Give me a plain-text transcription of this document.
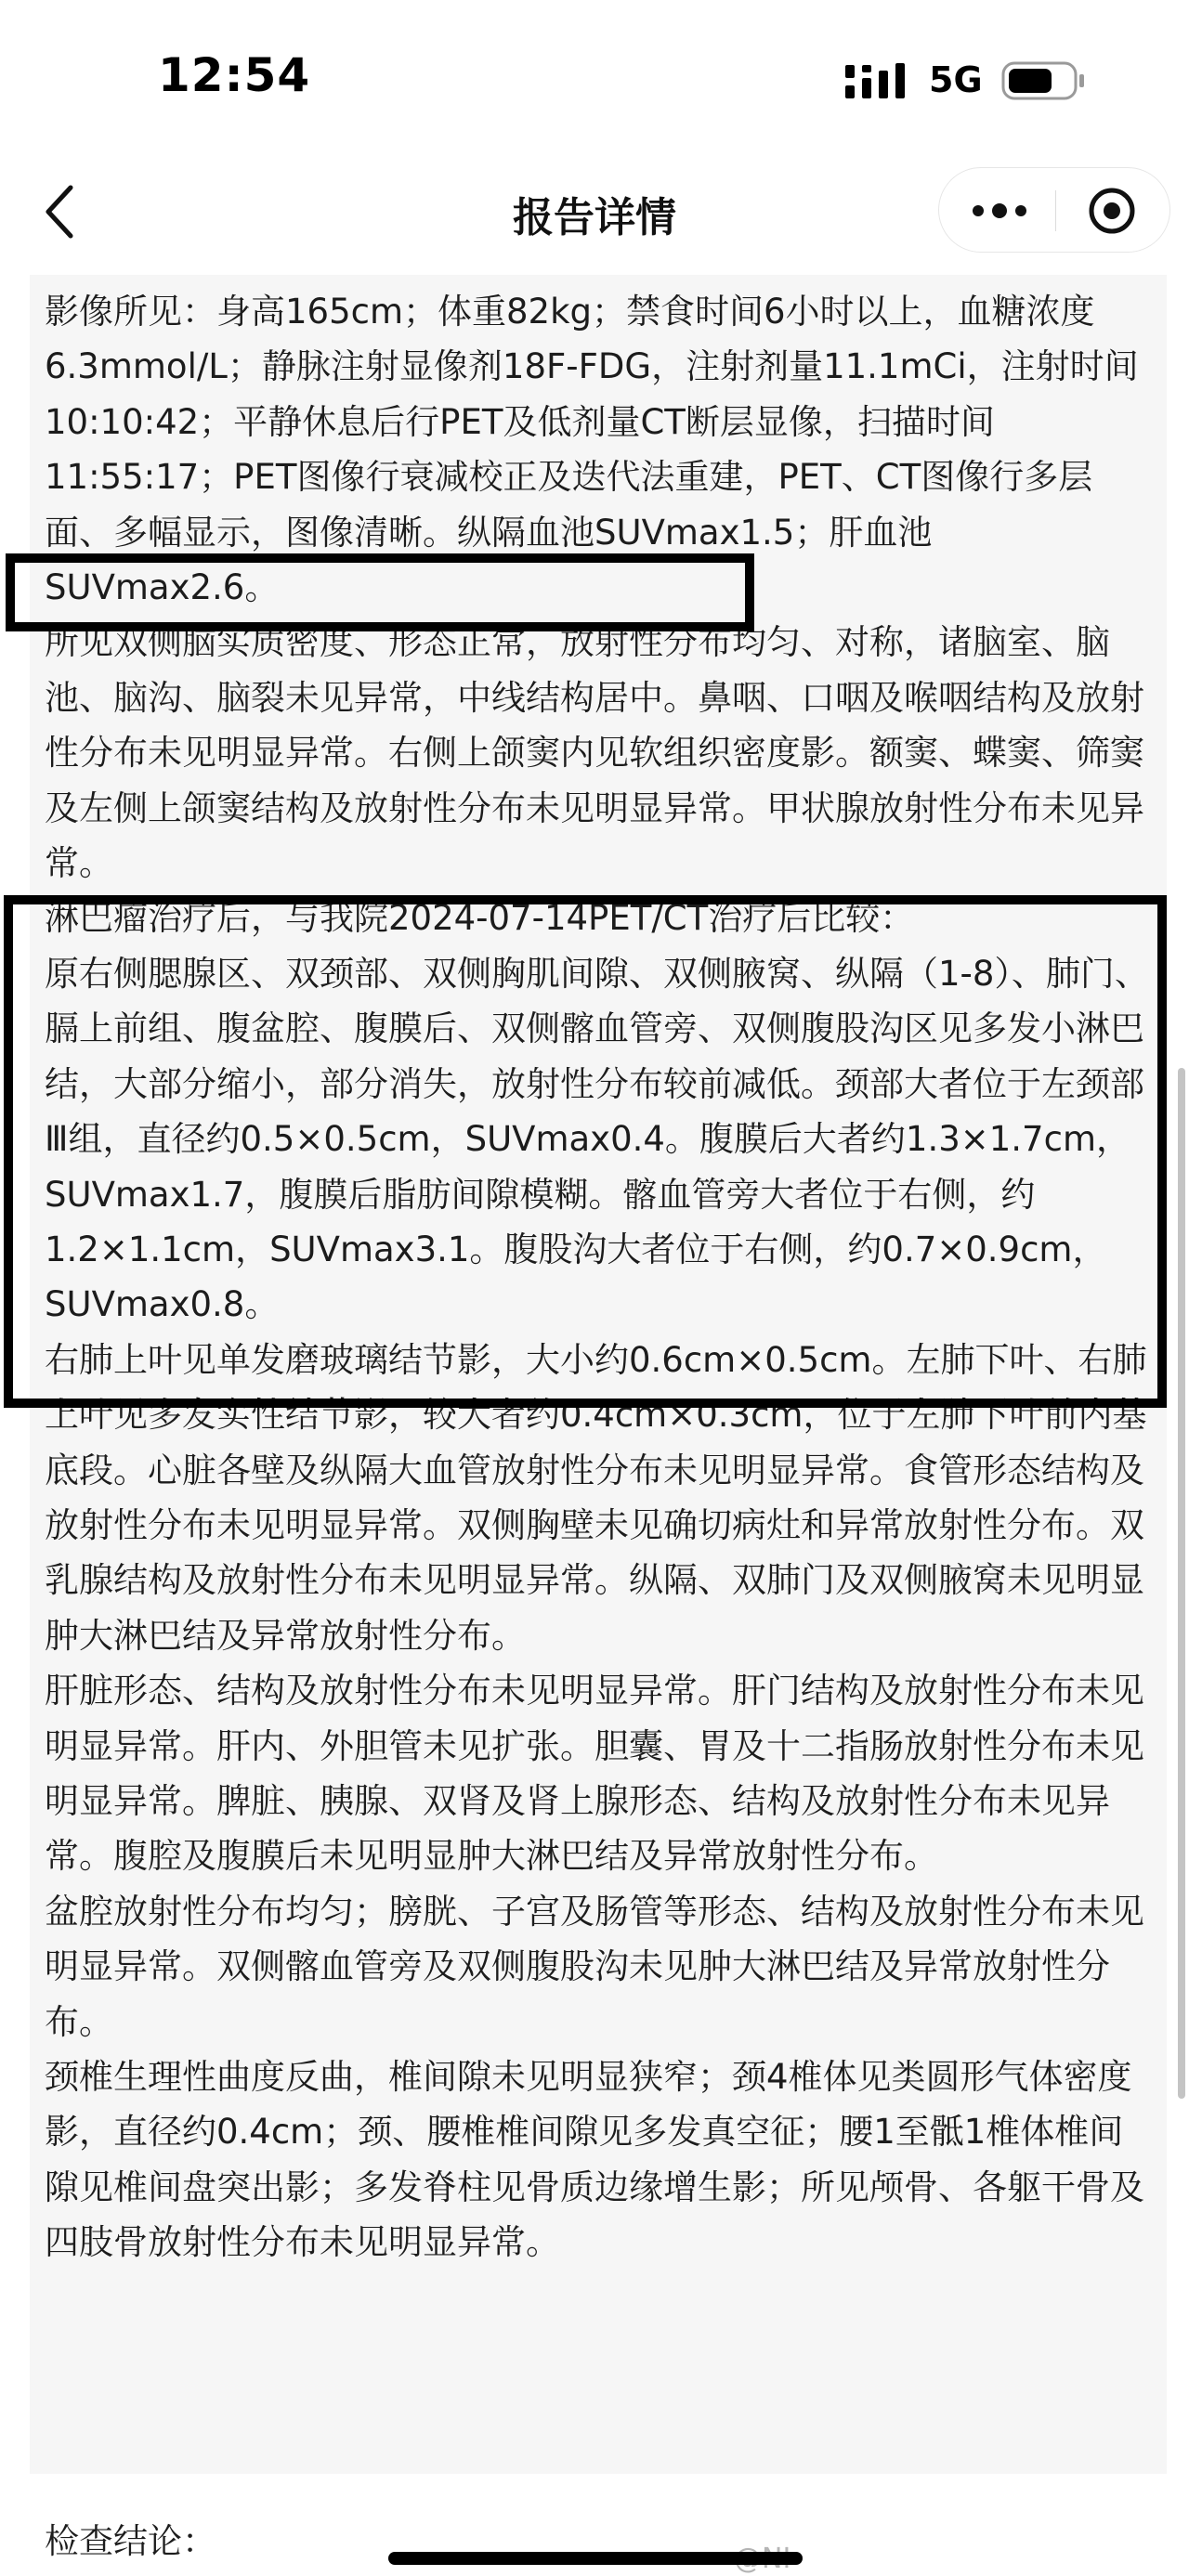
12:54	5G
报告详情

影像所见：身高165cm；体重82kg；禁食时间6小时以上，血糖浓度6.3mmol/L；静脉注射显像剂18F-FDG，注射剂量11.1mCi，注射时间10:10:42；平静休息后行PET及低剂量CT断层显像，扫描时间11:55:17；PET图像行衰减校正及迭代法重建，PET、CT图像行多层面、多幅显示，图像清晰。纵隔血池SUVmax1.5；肝血池SUVmax2.6。
所见双侧脑实质密度、形态正常，放射性分布均匀、对称，诸脑室、脑池、脑沟、脑裂未见异常，中线结构居中。鼻咽、口咽及喉咽结构及放射性分布未见明显异常。右侧上颌窦内见软组织密度影。额窦、蝶窦、筛窦及左侧上颌窦结构及放射性分布未见明显异常。甲状腺放射性分布未见异常。
淋巴瘤治疗后，与我院2024-07-14PET/CT治疗后比较：
原右侧腮腺区、双颈部、双侧胸肌间隙、双侧腋窝、纵隔（1-8）、肺门、膈上前组、腹盆腔、腹膜后、双侧髂血管旁、双侧腹股沟区见多发小淋巴结，大部分缩小，部分消失，放射性分布较前减低。颈部大者位于左颈部Ⅲ组，直径约0.5×0.5cm，SUVmax0.4。腹膜后大者约1.3×1.7cm，SUVmax1.7，腹膜后脂肪间隙模糊。髂血管旁大者位于右侧，约1.2×1.1cm，SUVmax3.1。腹股沟大者位于右侧，约0.7×0.9cm，SUVmax0.8。
右肺上叶见单发磨玻璃结节影，大小约0.6cm×0.5cm。左肺下叶、右肺上叶见多发实性结节影，较大者约0.4cm×0.3cm，位于左肺下叶前内基底段。心脏各壁及纵隔大血管放射性分布未见明显异常。食管形态结构及放射性分布未见明显异常。双侧胸壁未见确切病灶和异常放射性分布。双乳腺结构及放射性分布未见明显异常。纵隔、双肺门及双侧腋窝未见明显肿大淋巴结及异常放射性分布。
肝脏形态、结构及放射性分布未见明显异常。肝门结构及放射性分布未见明显异常。肝内、外胆管未见扩张。胆囊、胃及十二指肠放射性分布未见明显异常。脾脏、胰腺、双肾及肾上腺形态、结构及放射性分布未见异常。腹腔及腹膜后未见明显肿大淋巴结及异常放射性分布。
盆腔放射性分布均匀；膀胱、子宫及肠管等形态、结构及放射性分布未见明显异常。双侧髂血管旁及双侧腹股沟未见肿大淋巴结及异常放射性分布。
颈椎生理性曲度反曲，椎间隙未见明显狭窄；颈4椎体见类圆形气体密度影，直径约0.4cm；颈、腰椎椎间隙见多发真空征；腰1至骶1椎体椎间隙见椎间盘突出影；多发脊柱见骨质边缘增生影；所见颅骨、各躯干骨及四肢骨放射性分布未见明显异常。

检查结论：
